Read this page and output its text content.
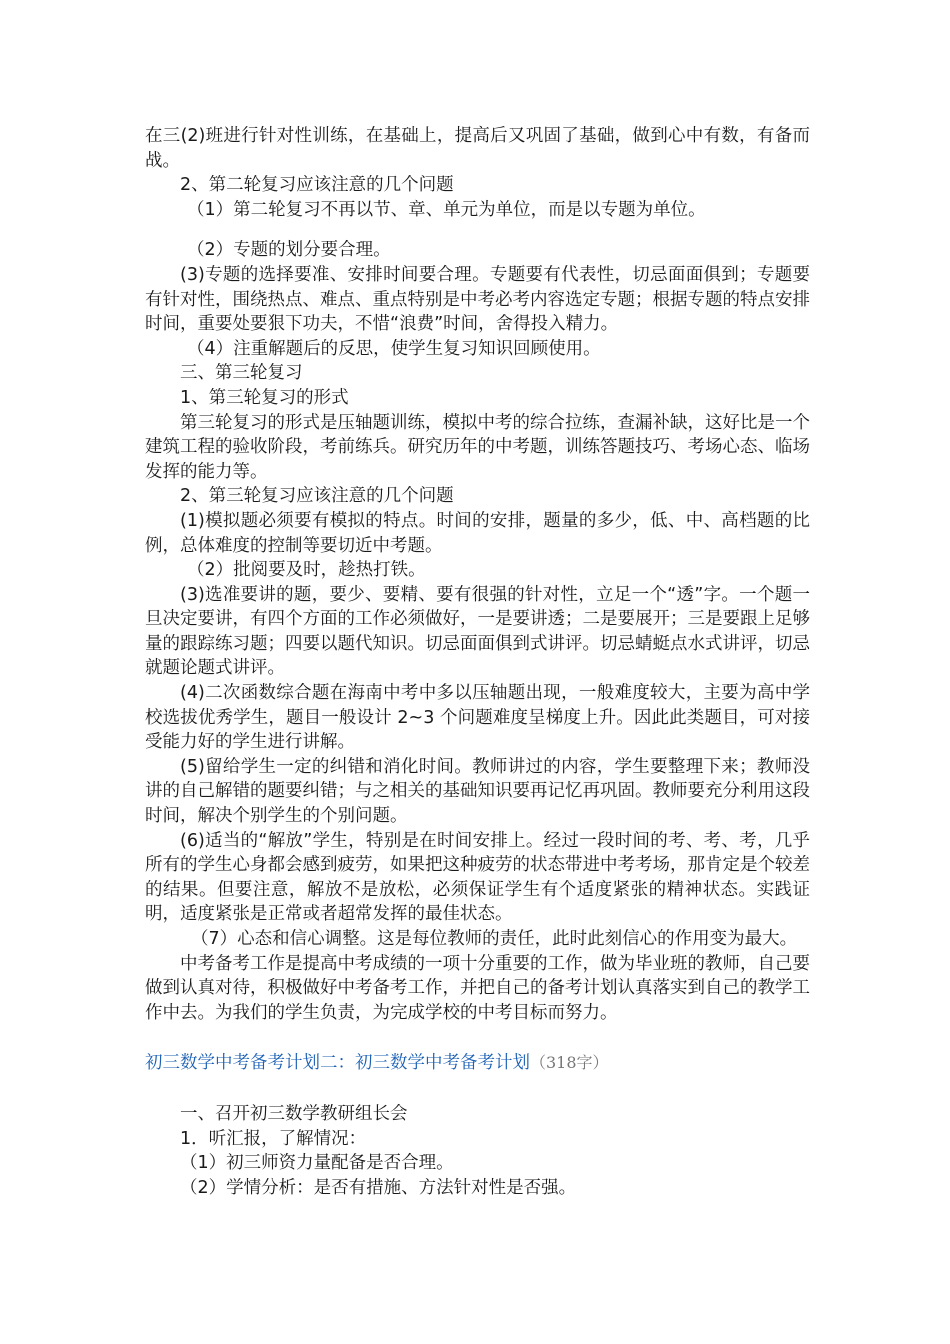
在三(2)班进行针对性训练，在基础上，提高后又巩固了基础，做到心中有数，有备而战。

2、第二轮复习应该注意的几个问题

（1）第二轮复习不再以节、章、单元为单位，而是以专题为单位。

（2）专题的划分要合理。

(3)专题的选择要准、安排时间要合理。专题要有代表性，切忌面面俱到；专题要有针对性，围绕热点、难点、重点特别是中考必考内容选定专题；根据专题的特点安排时间，重要处要狠下功夫，不惜“浪费”时间，舍得投入精力。

（4）注重解题后的反思，使学生复习知识回顾使用。

三、第三轮复习

1、第三轮复习的形式

第三轮复习的形式是压轴题训练，模拟中考的综合拉练，查漏补缺，这好比是一个建筑工程的验收阶段，考前练兵。研究历年的中考题，训练答题技巧、考场心态、临场发挥的能力等。

2、第三轮复习应该注意的几个问题

(1)模拟题必须要有模拟的特点。时间的安排，题量的多少，低、中、高档题的比例，总体难度的控制等要切近中考题。

（2）批阅要及时，趁热打铁。

(3)选准要讲的题，要少、要精、要有很强的针对性，立足一个“透”字。一个题一旦决定要讲，有四个方面的工作必须做好，一是要讲透；二是要展开；三是要跟上足够量的跟踪练习题；四要以题代知识。切忌面面俱到式讲评。切忌蜻蜓点水式讲评，切忌就题论题式讲评。

(4)二次函数综合题在海南中考中多以压轴题出现，一般难度较大，主要为高中学校选拔优秀学生，题目一般设计 2~3 个问题难度呈梯度上升。因此此类题目，可对接受能力好的学生进行讲解。

(5)留给学生一定的纠错和消化时间。教师讲过的内容，学生要整理下来；教师没讲的自己解错的题要纠错；与之相关的基础知识要再记忆再巩固。教师要充分利用这段时间，解决个别学生的个别问题。

(6)适当的“解放”学生，特别是在时间安排上。经过一段时间的考、考、考，几乎所有的学生心身都会感到疲劳，如果把这种疲劳的状态带进中考考场，那肯定是个较差的结果。但要注意，解放不是放松，必须保证学生有个适度紧张的精神状态。实践证明，适度紧张是正常或者超常发挥的最佳状态。

（7）心态和信心调整。这是每位教师的责任，此时此刻信心的作用变为最大。

中考备考工作是提高中考成绩的一项十分重要的工作，做为毕业班的教师，自己要做到认真对待，积极做好中考备考工作，并把自己的备考计划认真落实到自己的教学工作中去。为我们的学生负责，为完成学校的中考目标而努力。

初三数学中考备考计划二：初三数学中考备考计划（318字）

一、召开初三数学教研组长会

1．听汇报，了解情况：

（1）初三师资力量配备是否合理。

（2）学情分析：是否有措施、方法针对性是否强。
